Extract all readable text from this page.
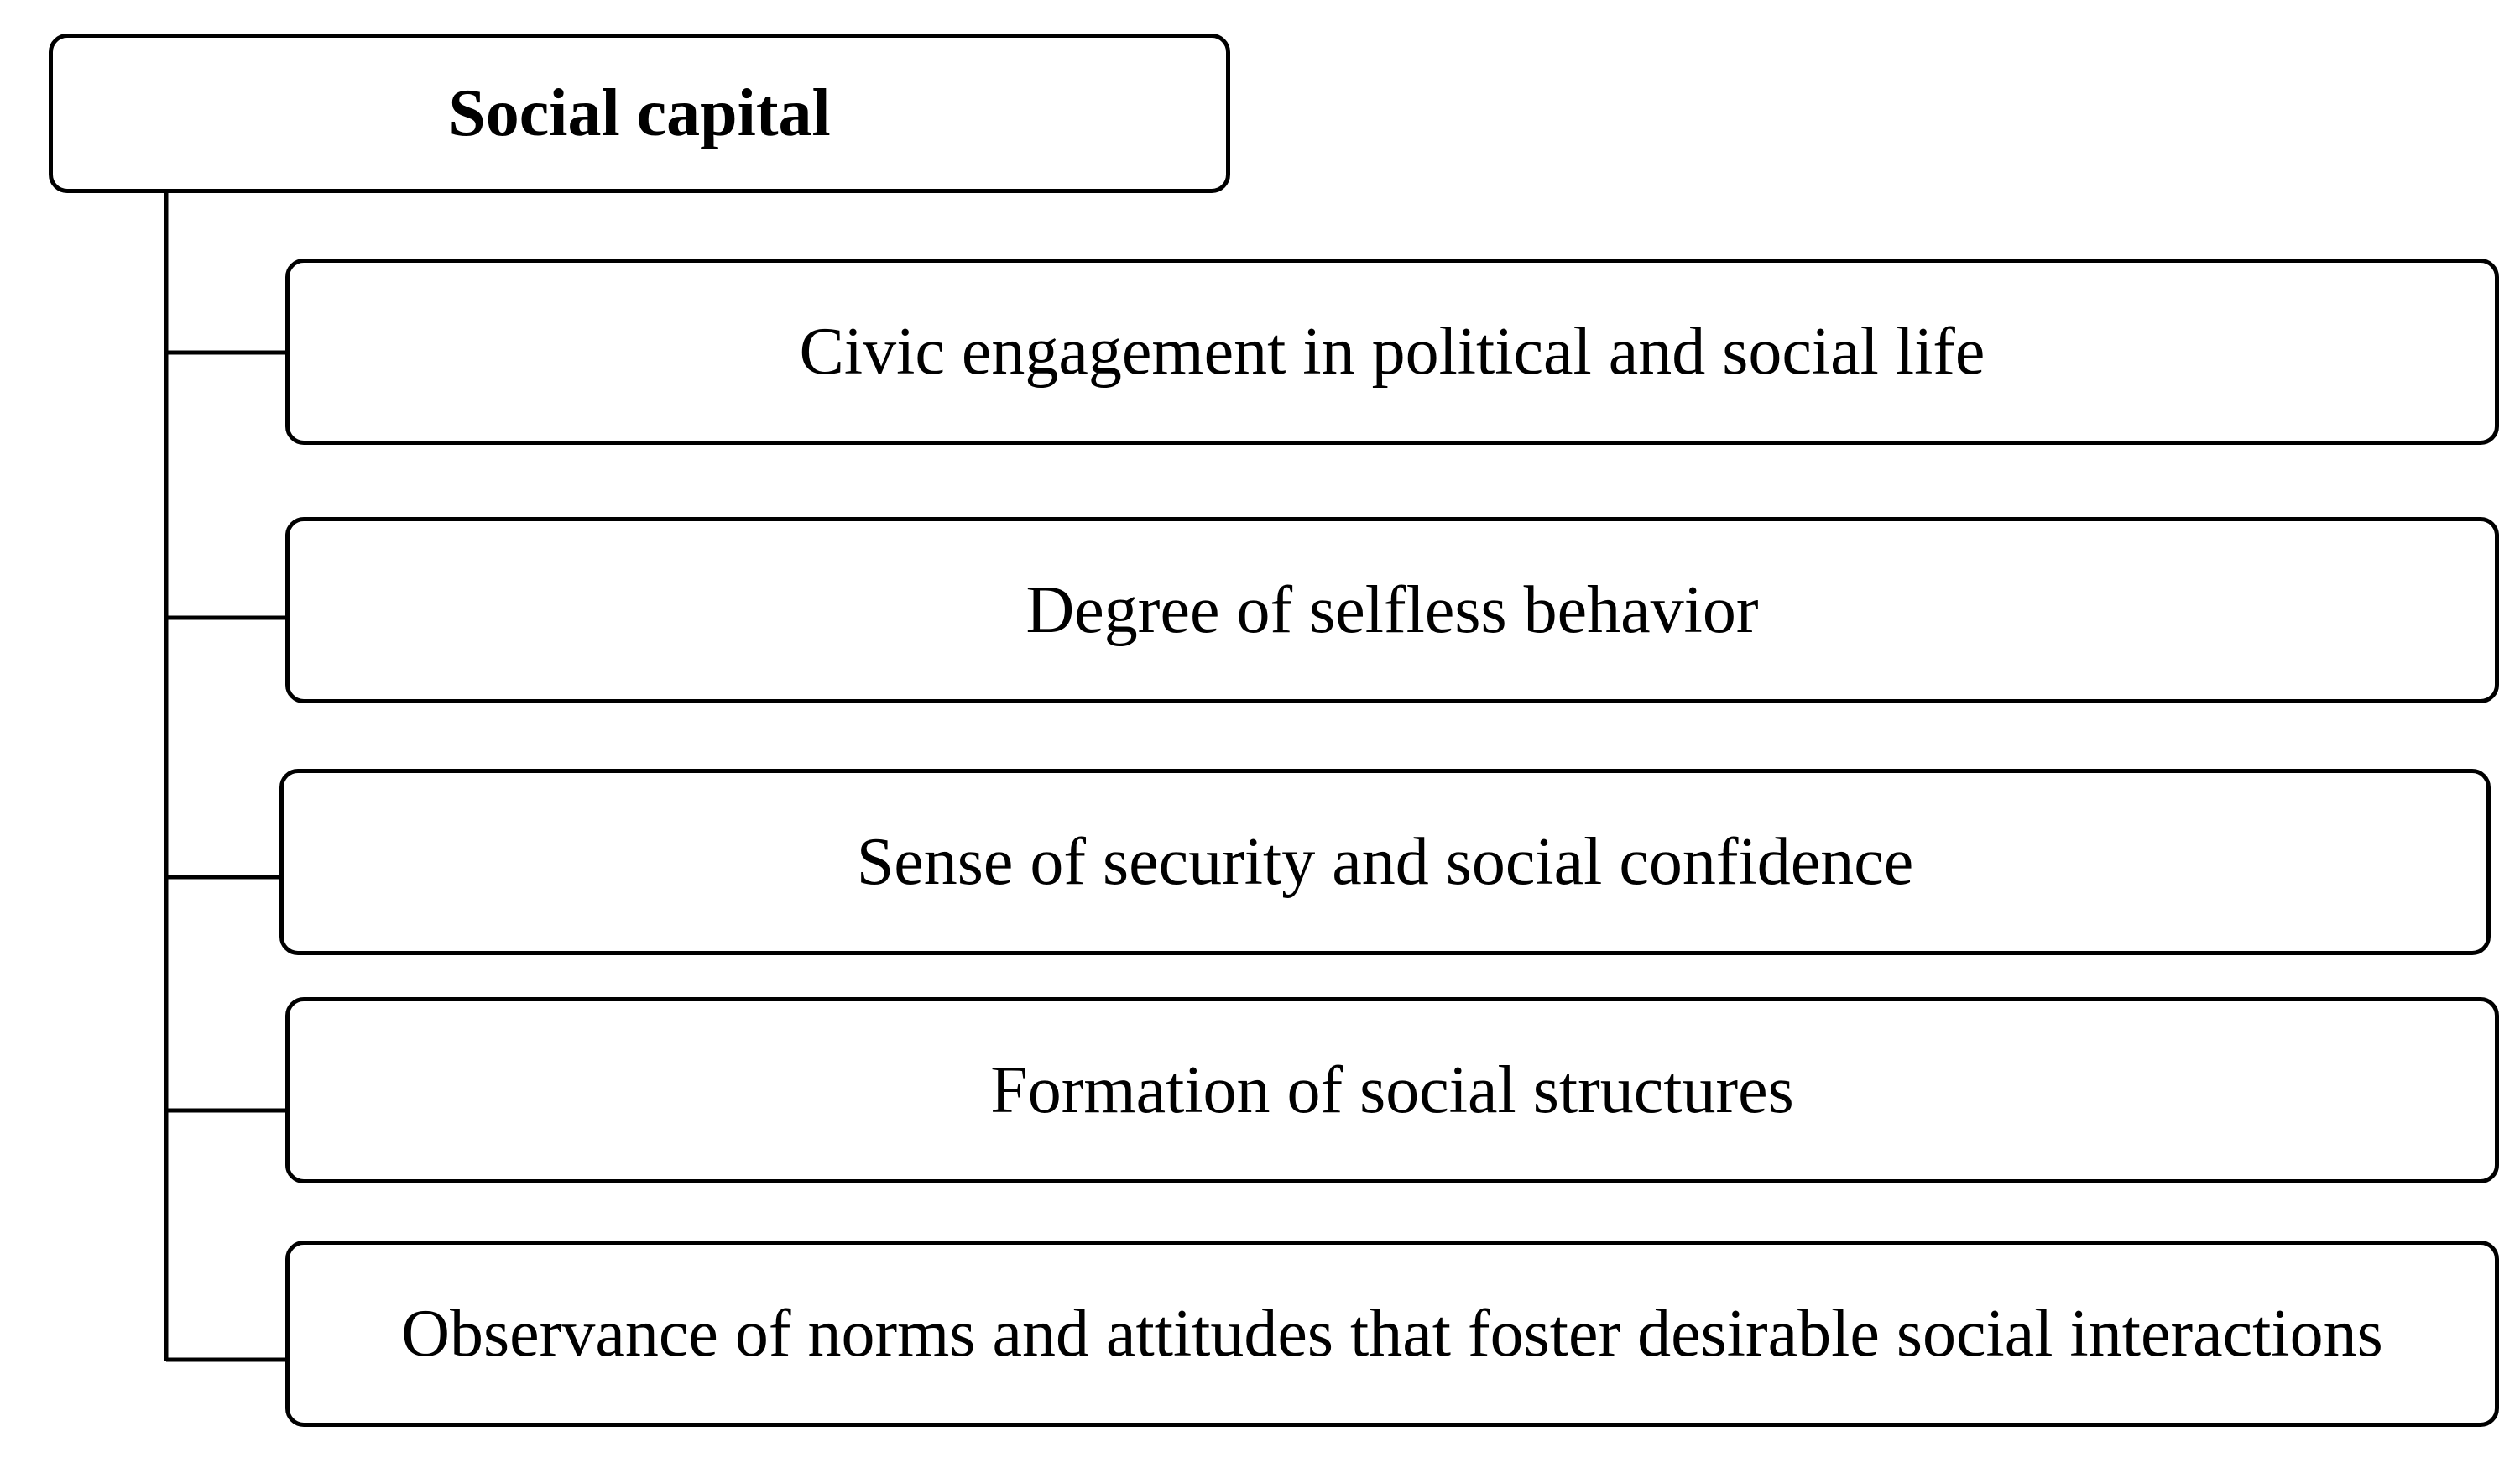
Social capital
Civic engagement in political and social life
Degree of selfless behavior
Sense of security and social confidence
Formation of social structures
Observance of norms and attitudes that foster desirable social interactions
